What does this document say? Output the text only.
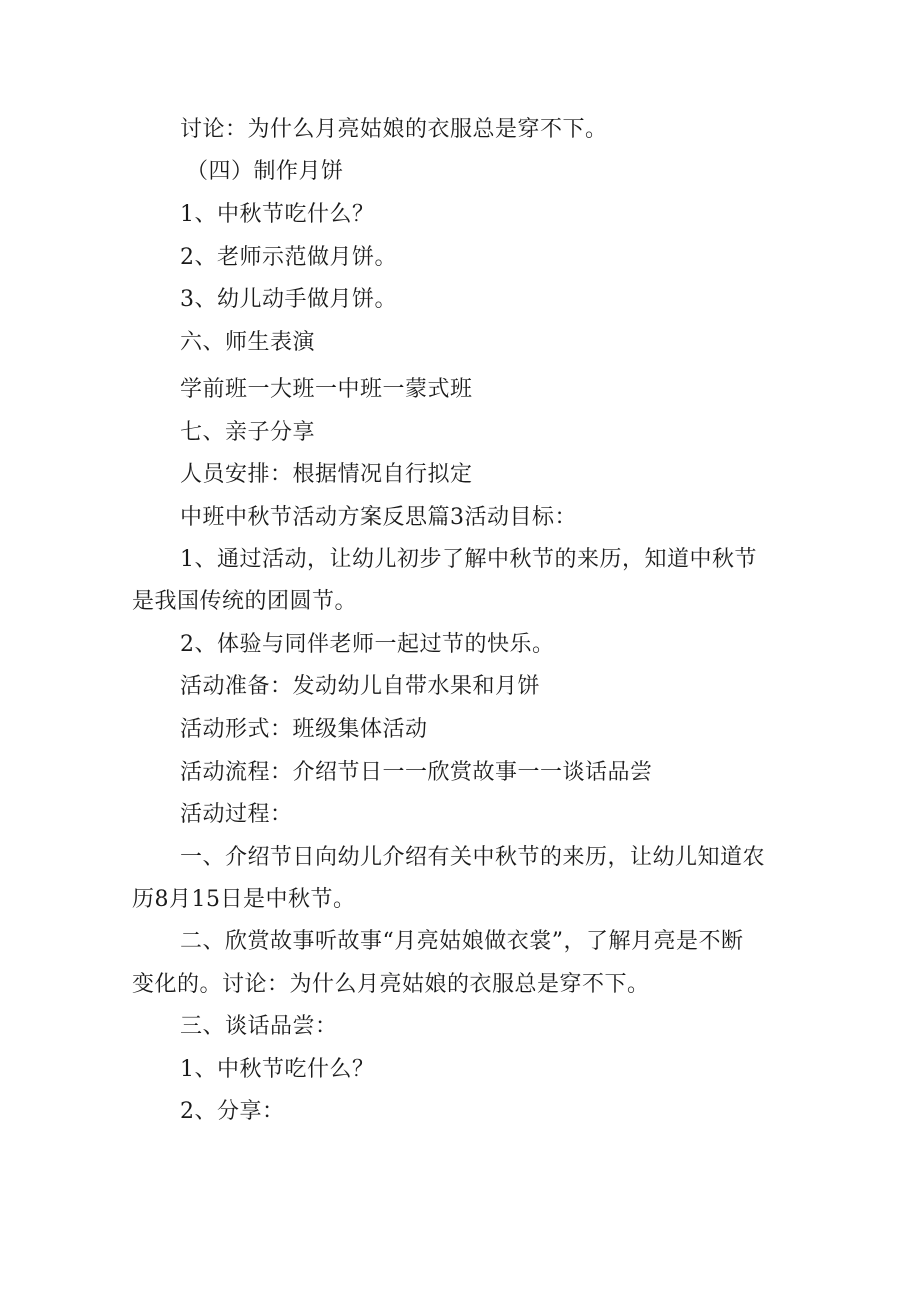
讨论：为什么月亮姑娘的衣服总是穿不下。
（四）制作月饼
1、中秋节吃什么？
2、老师示范做月饼。
3、幼儿动手做月饼。
六、师生表演
学前班一大班一中班一蒙式班
七、亲子分享
人员安排：根据情况自行拟定
中班中秋节活动方案反思篇3活动目标：
1、通过活动，让幼儿初步了解中秋节的来历，知道中秋节
是我国传统的团圆节。
2、体验与同伴老师一起过节的快乐。
活动准备：发动幼儿自带水果和月饼
活动形式：班级集体活动
活动流程：介绍节日一一欣赏故事一一谈话品尝
活动过程：
一、介绍节日向幼儿介绍有关中秋节的来历，让幼儿知道农
历8月15日是中秋节。
二、欣赏故事听故事“月亮姑娘做衣裳”，了解月亮是不断
变化的。讨论：为什么月亮姑娘的衣服总是穿不下。
三、谈话品尝：
1、中秋节吃什么？
2、分享：
